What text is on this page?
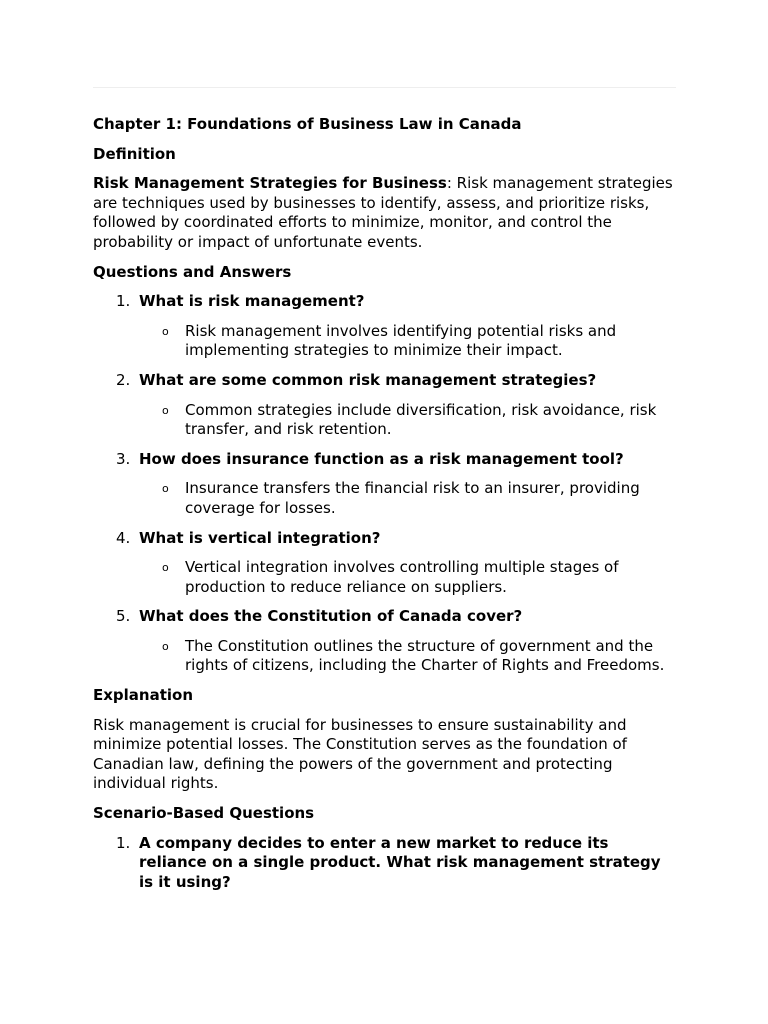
Chapter 1: Foundations of Business Law in Canada
Definition
Risk Management Strategies for Business: Risk management strategies are techniques used by businesses to identify, assess, and prioritize risks, followed by coordinated efforts to minimize, monitor, and control the probability or impact of unfortunate events.
Questions and Answers
1. What is risk management?
o Risk management involves identifying potential risks and implementing strategies to minimize their impact.
2. What are some common risk management strategies?
o Common strategies include diversification, risk avoidance, risk transfer, and risk retention.
3. How does insurance function as a risk management tool?
o Insurance transfers the financial risk to an insurer, providing coverage for losses.
4. What is vertical integration?
o Vertical integration involves controlling multiple stages of production to reduce reliance on suppliers.
5. What does the Constitution of Canada cover?
o The Constitution outlines the structure of government and the rights of citizens, including the Charter of Rights and Freedoms.
Explanation
Risk management is crucial for businesses to ensure sustainability and minimize potential losses. The Constitution serves as the foundation of Canadian law, defining the powers of the government and protecting individual rights.
Scenario-Based Questions
1. A company decides to enter a new market to reduce its reliance on a single product. What risk management strategy is it using?
